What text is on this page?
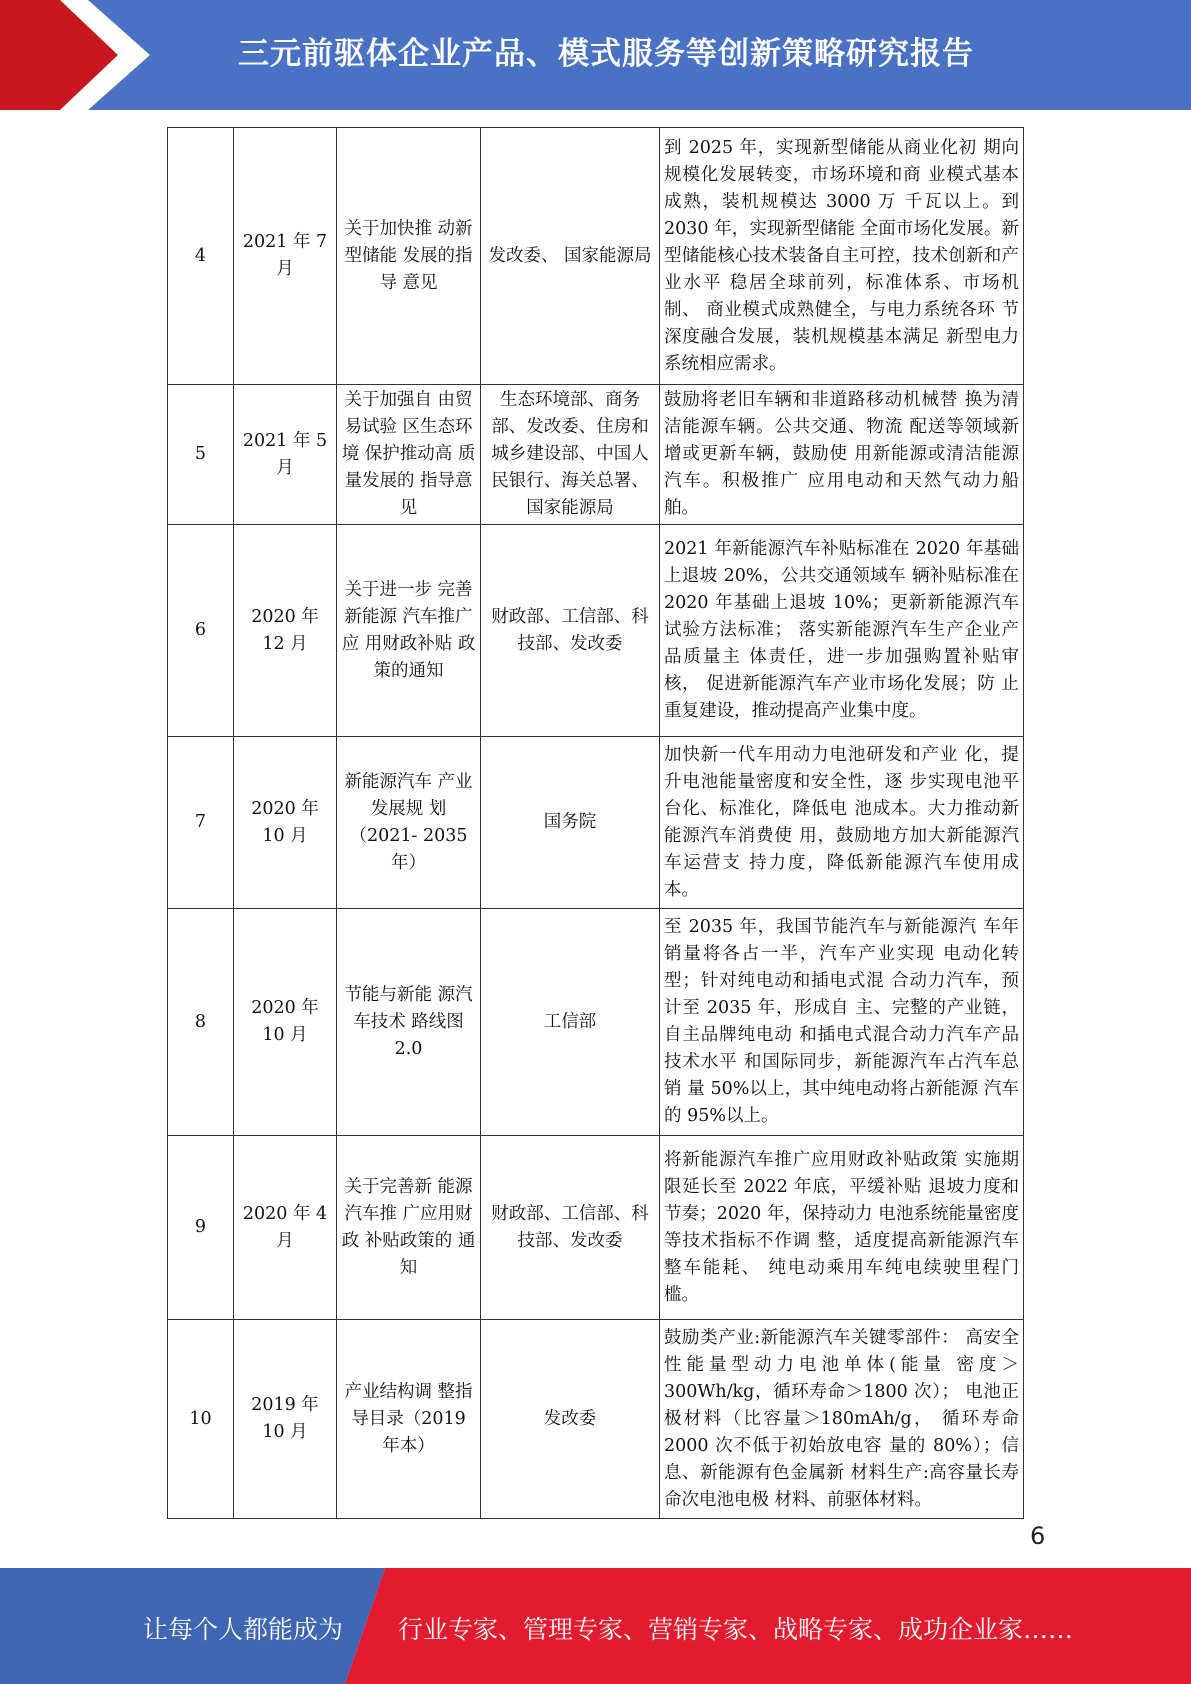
三元前驱体企业产品、模式服务等创新策略研究报告
4	2021 年 7 月	关于加快推 动新型储能 发展的指导 意见	发改委、 国家能源局	到 2025 年，实现新型储能从商业化初 期向规模化发展转变，市场环境和商 业模式基本成熟，装机规模达 3000 万 千瓦以上。到 2030 年，实现新型储能 全面市场化发展。新型储能核心技术装备自主可控，技术创新和产业水平 稳居全球前列，标准体系、市场机制、 商业模式成熟健全，与电力系统各环 节深度融合发展，装机规模基本满足 新型电力系统相应需求。
5	2021 年 5 月	关于加强自 由贸易试验 区生态环境 保护推动高 质量发展的 指导意见	生态环境部、商务部、发改委、住房和城乡建设部、中国人民银行、海关总署、国家能源局	鼓励将老旧车辆和非道路移动机械替 换为清洁能源车辆。公共交通、物流 配送等领域新增或更新车辆，鼓励使 用新能源或清洁能源汽车。积极推广 应用电动和天然气动力船舶。
6	2020 年 12 月	关于进一步 完善新能源 汽车推广应 用财政补贴 政策的通知	财政部、工信部、科技部、发改委	2021 年新能源汽车补贴标准在 2020 年基础上退坡 20%，公共交通领域车 辆补贴标准在 2020 年基础上退坡 10%；更新新能源汽车试验方法标准； 落实新能源汽车生产企业产品质量主 体责任，进一步加强购置补贴审核， 促进新能源汽车产业市场化发展；防 止重复建设，推动提高产业集中度。
7	2020 年 10 月	新能源汽车 产业发展规 划（2021- 2035 年）	国务院	加快新一代车用动力电池研发和产业 化，提升电池能量密度和安全性，逐 步实现电池平台化、标准化，降低电 池成本。大力推动新能源汽车消费使 用，鼓励地方加大新能源汽车运营支 持力度，降低新能源汽车使用成本。
8	2020 年 10 月	节能与新能 源汽车技术 路线图 2.0	工信部	至 2035 年，我国节能汽车与新能源汽 车年销量将各占一半，汽车产业实现 电动化转型；针对纯电动和插电式混 合动力汽车，预计至 2035 年，形成自 主、完整的产业链，自主品牌纯电动 和插电式混合动力汽车产品技术水平 和国际同步，新能源汽车占汽车总销 量 50%以上，其中纯电动将占新能源 汽车的 95%以上。
9	2020 年 4 月	关于完善新 能源汽车推 广应用财政 补贴政策的 通知	财政部、工信部、科技部、发改委	将新能源汽车推广应用财政补贴政策 实施期限延长至 2022 年底，平缓补贴 退坡力度和节奏；2020 年，保持动力 电池系统能量密度等技术指标不作调 整，适度提高新能源汽车整车能耗、 纯电动乘用车纯电续驶里程门槛。
10	2019 年 10 月	产业结构调 整指导目录（2019 年本）	发改委	鼓励类产业:新能源汽车关键零部件： 高安全性能量型动力电池单体(能量 密度＞300Wh/kg，循环寿命＞1800 次）； 电池正极材料（比容量＞180mAh/g， 循环寿命 2000 次不低于初始放电容 量的 80%）；信息、新能源有色金属新 材料生产:高容量长寿命次电池电极 材料、前驱体材料。
6
让每个人都能成为 行业专家、管理专家、营销专家、战略专家、成功企业家……
